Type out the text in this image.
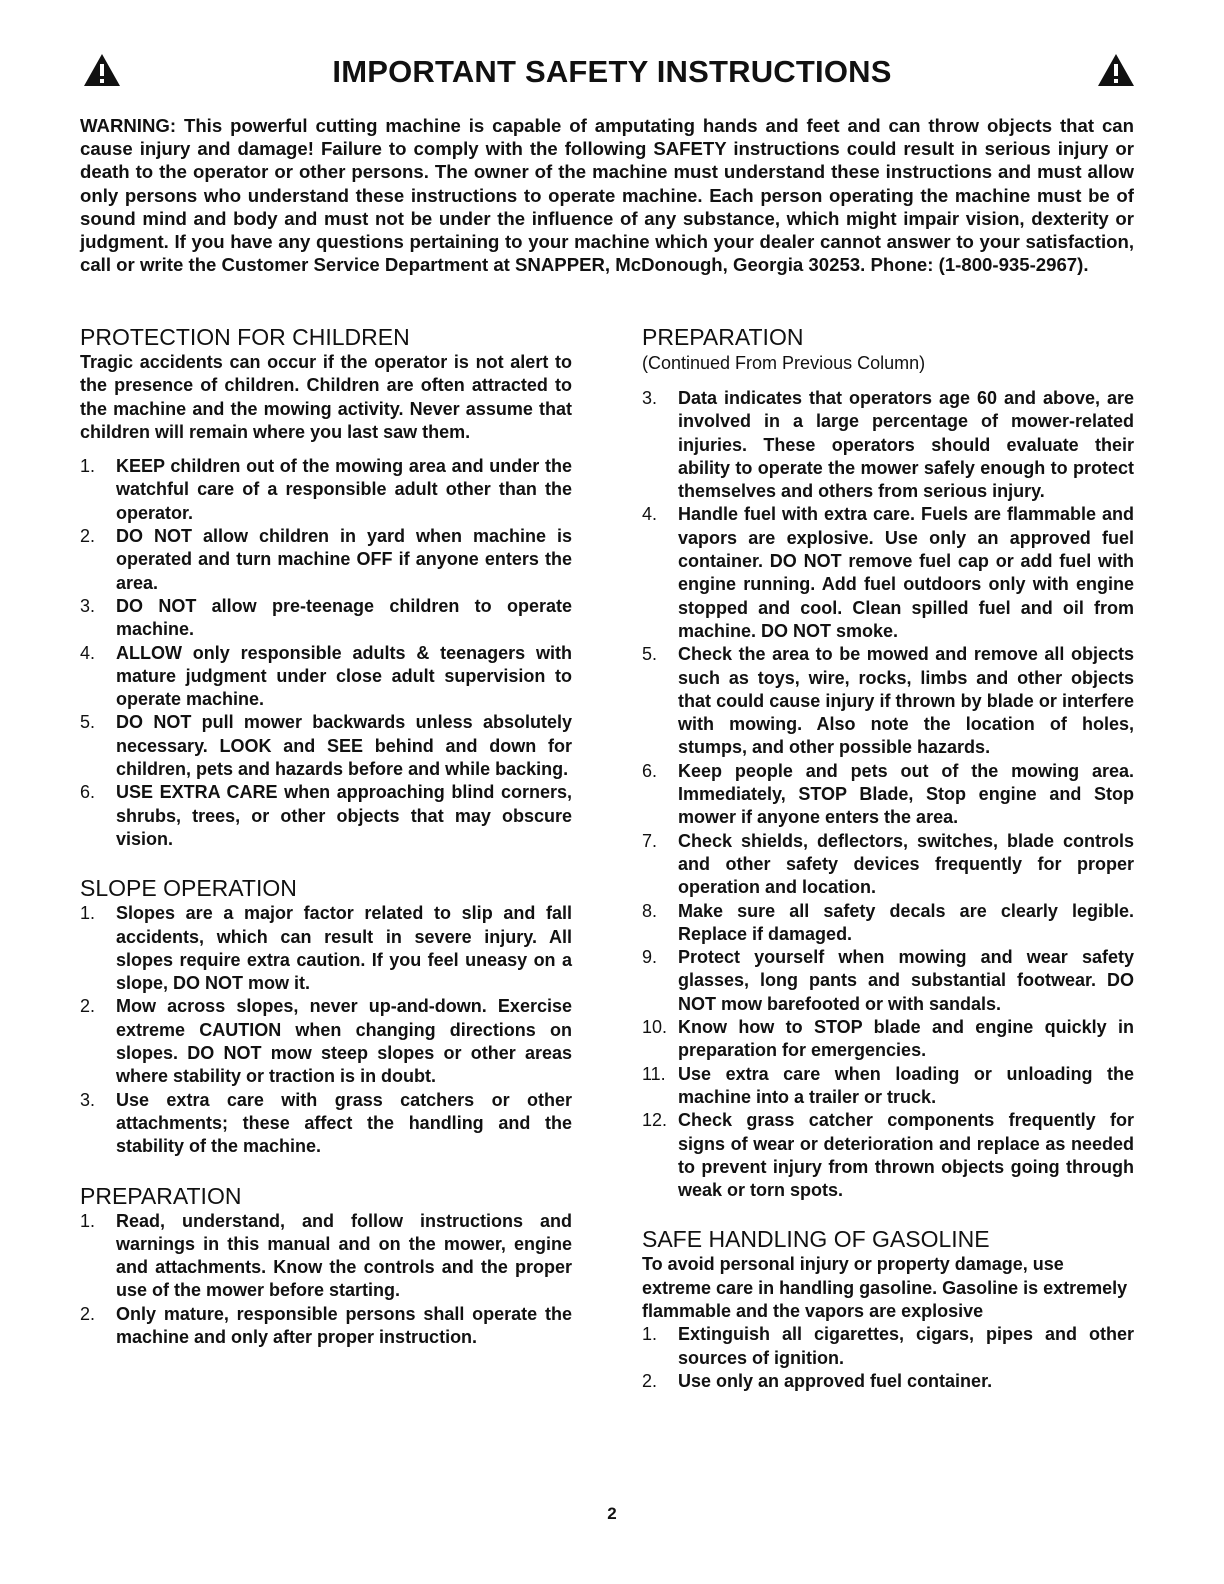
IMPORTANT SAFETY INSTRUCTIONS

WARNING: This powerful cutting machine is capable of amputating hands and feet and can throw objects that can cause injury and damage! Failure to comply with the following SAFETY instructions could result in serious injury or death to the operator or other persons. The owner of the machine must understand these instructions and must allow only persons who understand these instructions to operate machine. Each person operating the machine must be of sound mind and body and must not be under the influence of any substance, which might impair vision, dexterity or judgment. If you have any questions pertaining to your machine which your dealer cannot answer to your satisfaction, call or write the Customer Service Department at SNAPPER, McDonough, Georgia 30253. Phone: (1-800-935-2967).

PROTECTION FOR CHILDREN

Tragic accidents can occur if the operator is not alert to the presence of children. Children are often attracted to the machine and the mowing activity. Never assume that children will remain where you last saw them.

1. KEEP children out of the mowing area and under the watchful care of a responsible adult other than the operator.
2. DO NOT allow children in yard when machine is operated and turn machine OFF if anyone enters the area.
3. DO NOT allow pre-teenage children to operate machine.
4. ALLOW only responsible adults & teenagers with mature judgment under close adult supervision to operate machine.
5. DO NOT pull mower backwards unless absolutely necessary. LOOK and SEE behind and down for children, pets and hazards before and while backing.
6. USE EXTRA CARE when approaching blind corners, shrubs, trees, or other objects that may obscure vision.
SLOPE OPERATION
1. Slopes are a major factor related to slip and fall accidents, which can result in severe injury. All slopes require extra caution. If you feel uneasy on a slope, DO NOT mow it.
2. Mow across slopes, never up-and-down. Exercise extreme CAUTION when changing directions on slopes. DO NOT mow steep slopes or other areas where stability or traction is in doubt.
3. Use extra care with grass catchers or other attachments; these affect the handling and the stability of the machine.
PREPARATION
1. Read, understand, and follow instructions and warnings in this manual and on the mower, engine and attachments. Know the controls and the proper use of the mower before starting.
2. Only mature, responsible persons shall operate the machine and only after proper instruction.
PREPARATION

(Continued From Previous Column)

3. Data indicates that operators age 60 and above, are involved in a large percentage of mower-related injuries. These operators should evaluate their ability to operate the mower safely enough to protect themselves and others from serious injury.
4. Handle fuel with extra care. Fuels are flammable and vapors are explosive. Use only an approved fuel container. DO NOT remove fuel cap or add fuel with engine running. Add fuel outdoors only with engine stopped and cool. Clean spilled fuel and oil from machine. DO NOT smoke.
5. Check the area to be mowed and remove all objects such as toys, wire, rocks, limbs and other objects that could cause injury if thrown by blade or interfere with mowing. Also note the location of holes, stumps, and other possible hazards.
6. Keep people and pets out of the mowing area. Immediately, STOP Blade, Stop engine and Stop mower if anyone enters the area.
7. Check shields, deflectors, switches, blade controls and other safety devices frequently for proper operation and location.
8. Make sure all safety decals are clearly legible. Replace if damaged.
9. Protect yourself when mowing and wear safety glasses, long pants and substantial footwear. DO NOT mow barefooted or with sandals.
10. Know how to STOP blade and engine quickly in preparation for emergencies.
11. Use extra care when loading or unloading the machine into a trailer or truck.
12. Check grass catcher components frequently for signs of wear or deterioration and replace as needed to prevent injury from thrown objects going through weak or torn spots.
SAFE HANDLING OF GASOLINE

To avoid personal injury or property damage, use extreme care in handling gasoline. Gasoline is extremely flammable and the vapors are explosive

1. Extinguish all cigarettes, cigars, pipes and other sources of ignition.
2. Use only an approved fuel container.
2
